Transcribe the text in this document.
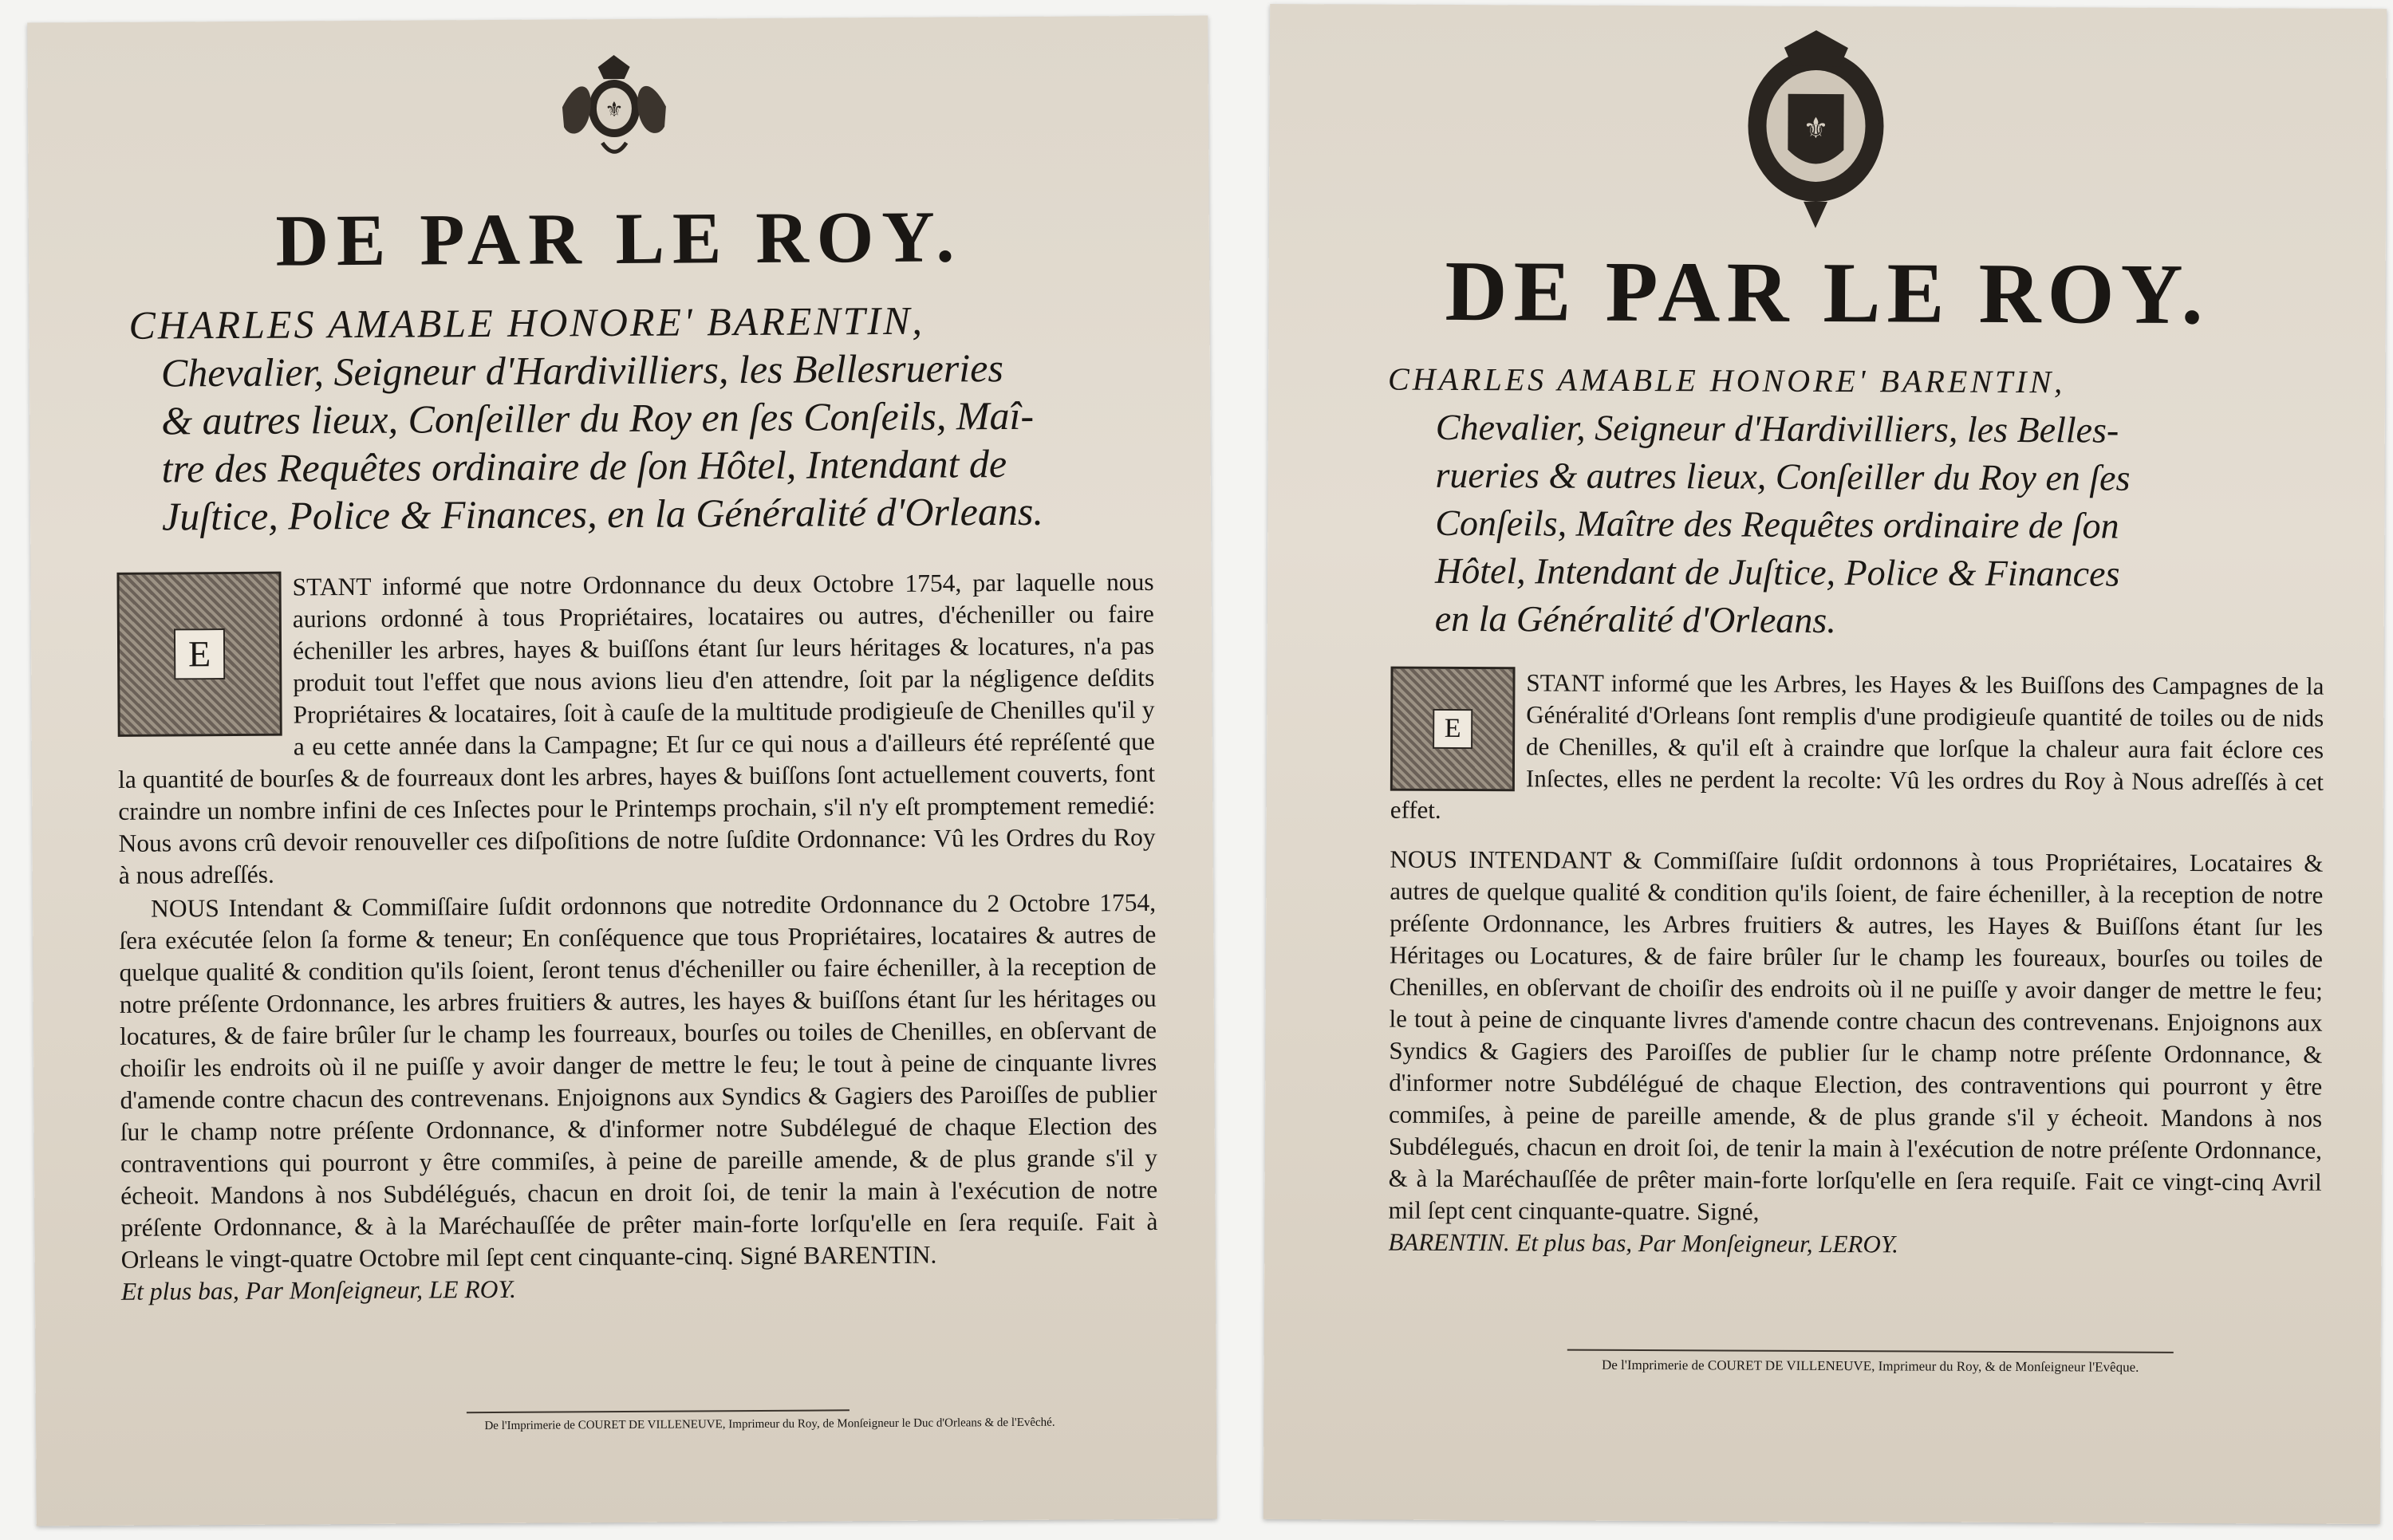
⚜
DE PAR LE ROY.

CHARLES AMABLE HONORE' BARENTIN,

Chevalier, Seigneur d'Hardivilliers, les Bellesrueries

& autres lieux, Conſeiller du Roy en ſes Conſeils, Maî-

tre des Requêtes ordinaire de ſon Hôtel, Intendant de

Juſtice, Police & Finances, en la Généralité d'Orleans.

E

STANT informé que notre Ordonnance du deux Octobre 1754, par laquelle nous aurions ordonné à tous Propriétaires, locataires ou autres, d'écheniller ou faire écheniller les arbres, hayes & buiſſons étant ſur leurs héritages & locatures, n'a pas produit tout l'effet que nous avions lieu d'en attendre, ſoit par la négligence deſdits Propriétaires & locataires, ſoit à cauſe de la multitude prodigieuſe de Chenilles qu'il y a eu cette année dans la Campagne; Et ſur ce qui nous a d'ailleurs été repréſenté que la quantité de bourſes & de fourreaux dont les arbres, hayes & buiſſons ſont actuellement couverts, font craindre un nombre infini de ces Inſectes pour le Printemps prochain, s'il n'y eſt promptement remedié: Nous avons crû devoir renouveller ces diſpoſitions de notre ſuſdite Ordonnance: Vû les Ordres du Roy à nous adreſſés.

NOUS Intendant & Commiſſaire ſuſdit ordonnons que notredite Ordonnance du 2 Octobre 1754, ſera exécutée ſelon ſa forme & teneur; En conſéquence que tous Propriétaires, locataires & autres de quelque qualité & condition qu'ils ſoient, ſeront tenus d'écheniller ou faire écheniller, à la reception de notre préſente Ordonnance, les arbres fruitiers & autres, les hayes & buiſſons étant ſur les héritages ou locatures, & de faire brûler ſur le champ les fourreaux, bourſes ou toiles de Chenilles, en obſervant de choiſir les endroits où il ne puiſſe y avoir danger de mettre le feu; le tout à peine de cinquante livres d'amende contre chacun des contrevenans. Enjoignons aux Syndics & Gagiers des Paroiſſes de publier ſur le champ notre préſente Ordonnance, & d'informer notre Subdélegué de chaque Election des contraventions qui pourront y être commiſes, à peine de pareille amende, & de plus grande s'il y écheoit. Mandons à nos Subdélégués, chacun en droit ſoi, de tenir la main à l'exécution de notre préſente Ordonnance, & à la Maréchauſſée de prêter main-forte lorſqu'elle en ſera requiſe. Fait à Orleans le vingt-quatre Octobre mil ſept cent cinquante-cinq. Signé BARENTIN.

Et plus bas, Par Monſeigneur, LE ROY.

De l'Imprimerie de COURET DE VILLENEUVE, Imprimeur du Roy, de Monſeigneur le Duc d'Orleans & de l'Evêché.
⚜
DE PAR LE ROY.

CHARLES AMABLE HONORE' BARENTIN,

Chevalier, Seigneur d'Hardivilliers, les Belles-

rueries & autres lieux, Conſeiller du Roy en ſes

Conſeils, Maître des Requêtes ordinaire de ſon

Hôtel, Intendant de Juſtice, Police & Finances

en la Généralité d'Orleans.

E

STANT informé que les Arbres, les Hayes & les Buiſſons des Campagnes de la Généralité d'Orleans ſont remplis d'une prodigieuſe quantité de toiles ou de nids de Chenilles, & qu'il eſt à craindre que lorſque la chaleur aura fait éclore ces Inſectes, elles ne perdent la recolte: Vû les ordres du Roy à Nous adreſſés à cet effet.

NOUS INTENDANT & Commiſſaire ſuſdit ordonnons à tous Propriétaires, Locataires & autres de quelque qualité & condition qu'ils ſoient, de faire écheniller, à la reception de notre préſente Ordonnance, les Arbres fruitiers & autres, les Hayes & Buiſſons étant ſur les Héritages ou Locatures, & de faire brûler ſur le champ les foureaux, bourſes ou toiles de Chenilles, en obſervant de choiſir des endroits où il ne puiſſe y avoir danger de mettre le feu; le tout à peine de cinquante livres d'amende contre chacun des contrevenans. Enjoignons aux Syndics & Gagiers des Paroiſſes de publier ſur le champ notre préſente Ordonnance, & d'informer notre Subdélégué de chaque Election, des contraventions qui pourront y être commiſes, à peine de pareille amende, & de plus grande s'il y écheoit. Mandons à nos Subdélegués, chacun en droit ſoi, de tenir la main à l'exécution de notre préſente Ordonnance, & à la Maréchauſſée de prêter main-forte lorſqu'elle en ſera requiſe. Fait ce vingt-cinq Avril mil ſept cent cinquante-quatre. Signé,

BARENTIN. Et plus bas, Par Monſeigneur, LEROY.

De l'Imprimerie de COURET DE VILLENEUVE, Imprimeur du Roy, & de Monſeigneur l'Evêque.
